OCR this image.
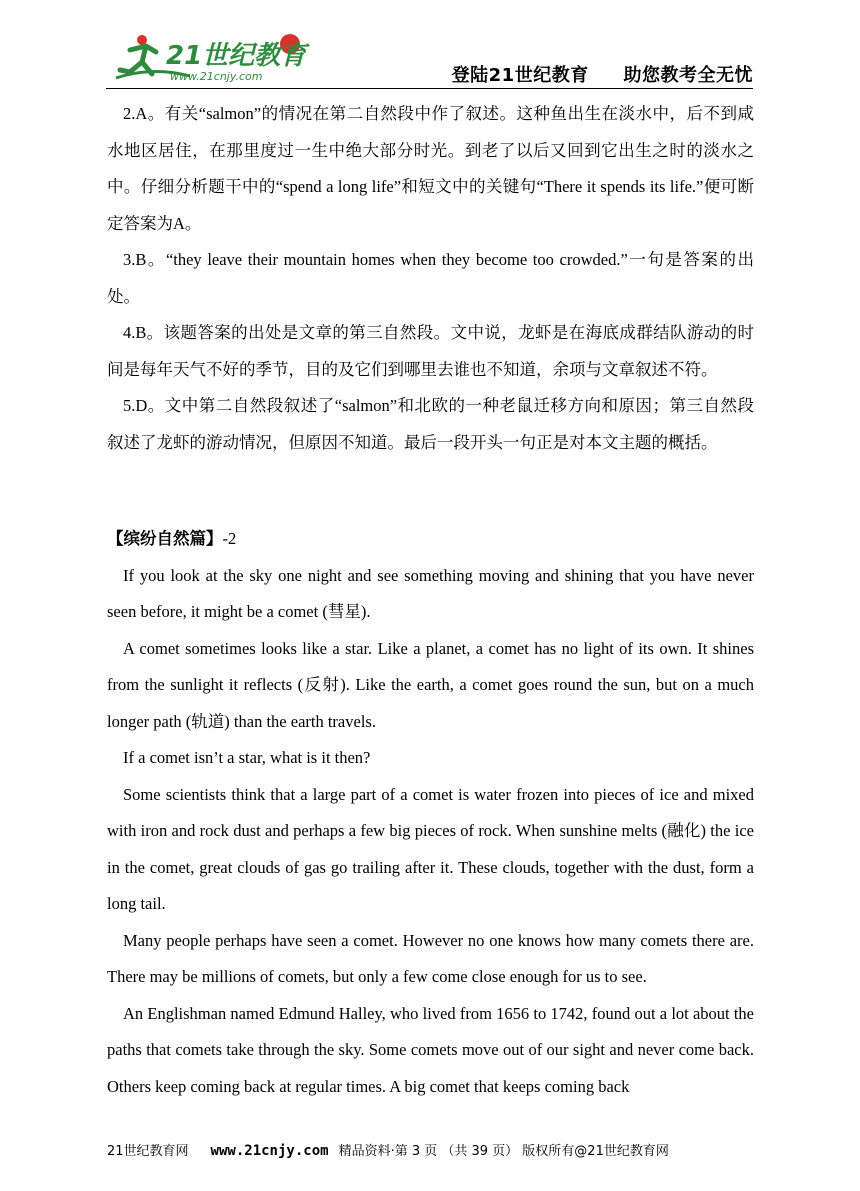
21世纪教育
www.21cnjy.com	登陆21世纪教育 助您教考全无忧

2.A。有关“salmon”的情况在第二自然段中作了叙述。这种鱼出生在淡水中，后不到咸水地区居住，在那里度过一生中绝大部分时光。到老了以后又回到它出生之时的淡水之中。仔细分析题干中的“spend a long life”和短文中的关键句“There it spends its life.”便可断定答案为A。

3.B。“they leave their mountain homes when they become too crowded.”一句是答案的出处。

4.B。该题答案的出处是文章的第三自然段。文中说，龙虾是在海底成群结队游动的时间是每年天气不好的季节，目的及它们到哪里去谁也不知道，余项与文章叙述不符。

5.D。文中第二自然段叙述了“salmon”和北欧的一种老鼠迁移方向和原因；第三自然段叙述了龙虾的游动情况，但原因不知道。最后一段开头一句正是对本文主题的概括。

【缤纷自然篇】-2

If you look at the sky one night and see something moving and shining that you have never seen before, it might be a comet (彗星).

A comet sometimes looks like a star. Like a planet, a comet has no light of its own. It shines from the sunlight it reflects (反射). Like the earth, a comet goes round the sun, but on a much longer path (轨道) than the earth travels.

If a comet isn’t a star, what is it then?

Some scientists think that a large part of a comet is water frozen into pieces of ice and mixed with iron and rock dust and perhaps a few big pieces of rock. When sunshine melts (融化) the ice in the comet, great clouds of gas go trailing after it. These clouds, together with the dust, form a long tail.

Many people perhaps have seen a comet. However no one knows how many comets there are. There may be millions of comets, but only a few come close enough for us to see.

An Englishman named Edmund Halley, who lived from 1656 to 1742, found out a lot about the paths that comets take through the sky. Some comets move out of our sight and never come back. Others keep coming back at regular times. A big comet that keeps coming back

21世纪教育网 www.21cnjy.com 精品资料·第 3 页 （共 39 页） 版权所有@21世纪教育网
